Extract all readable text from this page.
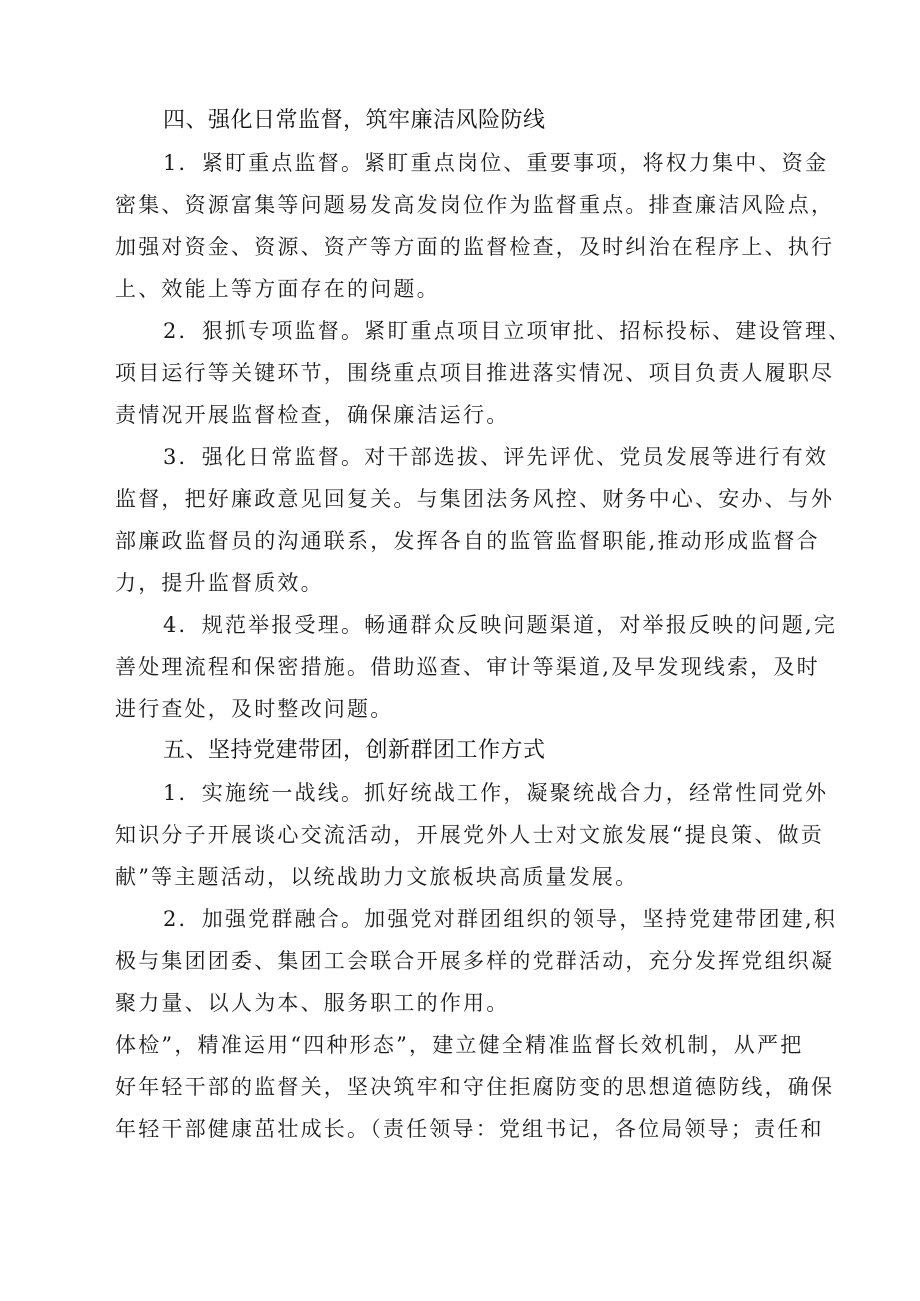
四、强化日常监督，筑牢廉洁风险防线

1．紧盯重点监督。紧盯重点岗位、重要事项，将权力集中、资金

密集、资源富集等问题易发高发岗位作为监督重点。排查廉洁风险点，

加强对资金、资源、资产等方面的监督检查，及时纠治在程序上、执行

上、效能上等方面存在的问题。

2．狠抓专项监督。紧盯重点项目立项审批、招标投标、建设管理、

项目运行等关键环节，围绕重点项目推进落实情况、项目负责人履职尽

责情况开展监督检查，确保廉洁运行。

3．强化日常监督。对干部选拔、评先评优、党员发展等进行有效

监督，把好廉政意见回复关。与集团法务风控、财务中心、安办、与外

部廉政监督员的沟通联系，发挥各自的监管监督职能,推动形成监督合

力，提升监督质效。

4．规范举报受理。畅通群众反映问题渠道，对举报反映的问题,完

善处理流程和保密措施。借助巡查、审计等渠道,及早发现线索，及时

进行查处，及时整改问题。

五、坚持党建带团，创新群团工作方式

1．实施统一战线。抓好统战工作，凝聚统战合力，经常性同党外

知识分子开展谈心交流活动，开展党外人士对文旅发展“提良策、做贡

献”等主题活动，以统战助力文旅板块高质量发展。

2．加强党群融合。加强党对群团组织的领导，坚持党建带团建,积

极与集团团委、集团工会联合开展多样的党群活动，充分发挥党组织凝

聚力量、以人为本、服务职工的作用。

体检”，精准运用“四种形态”，建立健全精准监督长效机制，从严把

好年轻干部的监督关，坚决筑牢和守住拒腐防变的思想道德防线，确保

年轻干部健康茁壮成长。（责任领导：党组书记，各位局领导；责任和
